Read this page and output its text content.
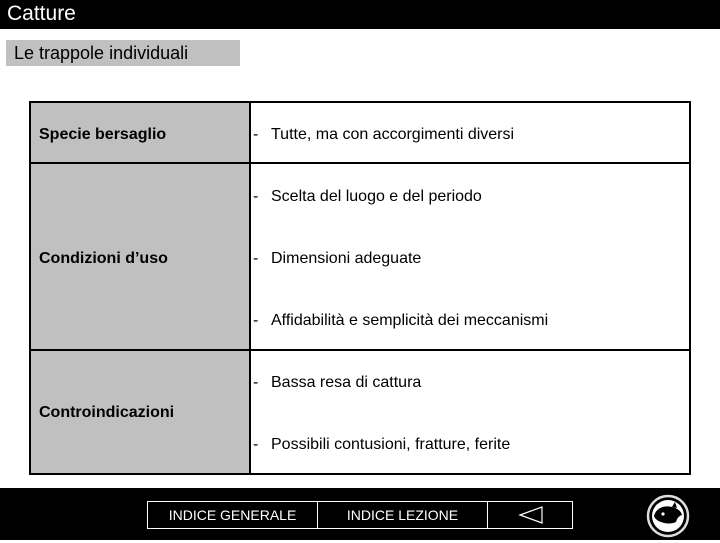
Catture
Le trappole individuali
Specie bersaglio	- Tutte, ma con accorgimenti diversi
Condizioni d’uso
- Scelta del luogo e del periodo
- Dimensioni adeguate
- Affidabilità e semplicità dei meccanismi
Controindicazioni
- Bassa resa di cattura
- Possibili contusioni, fratture, ferite
INDICE GENERALE	INDICE LEZIONE
